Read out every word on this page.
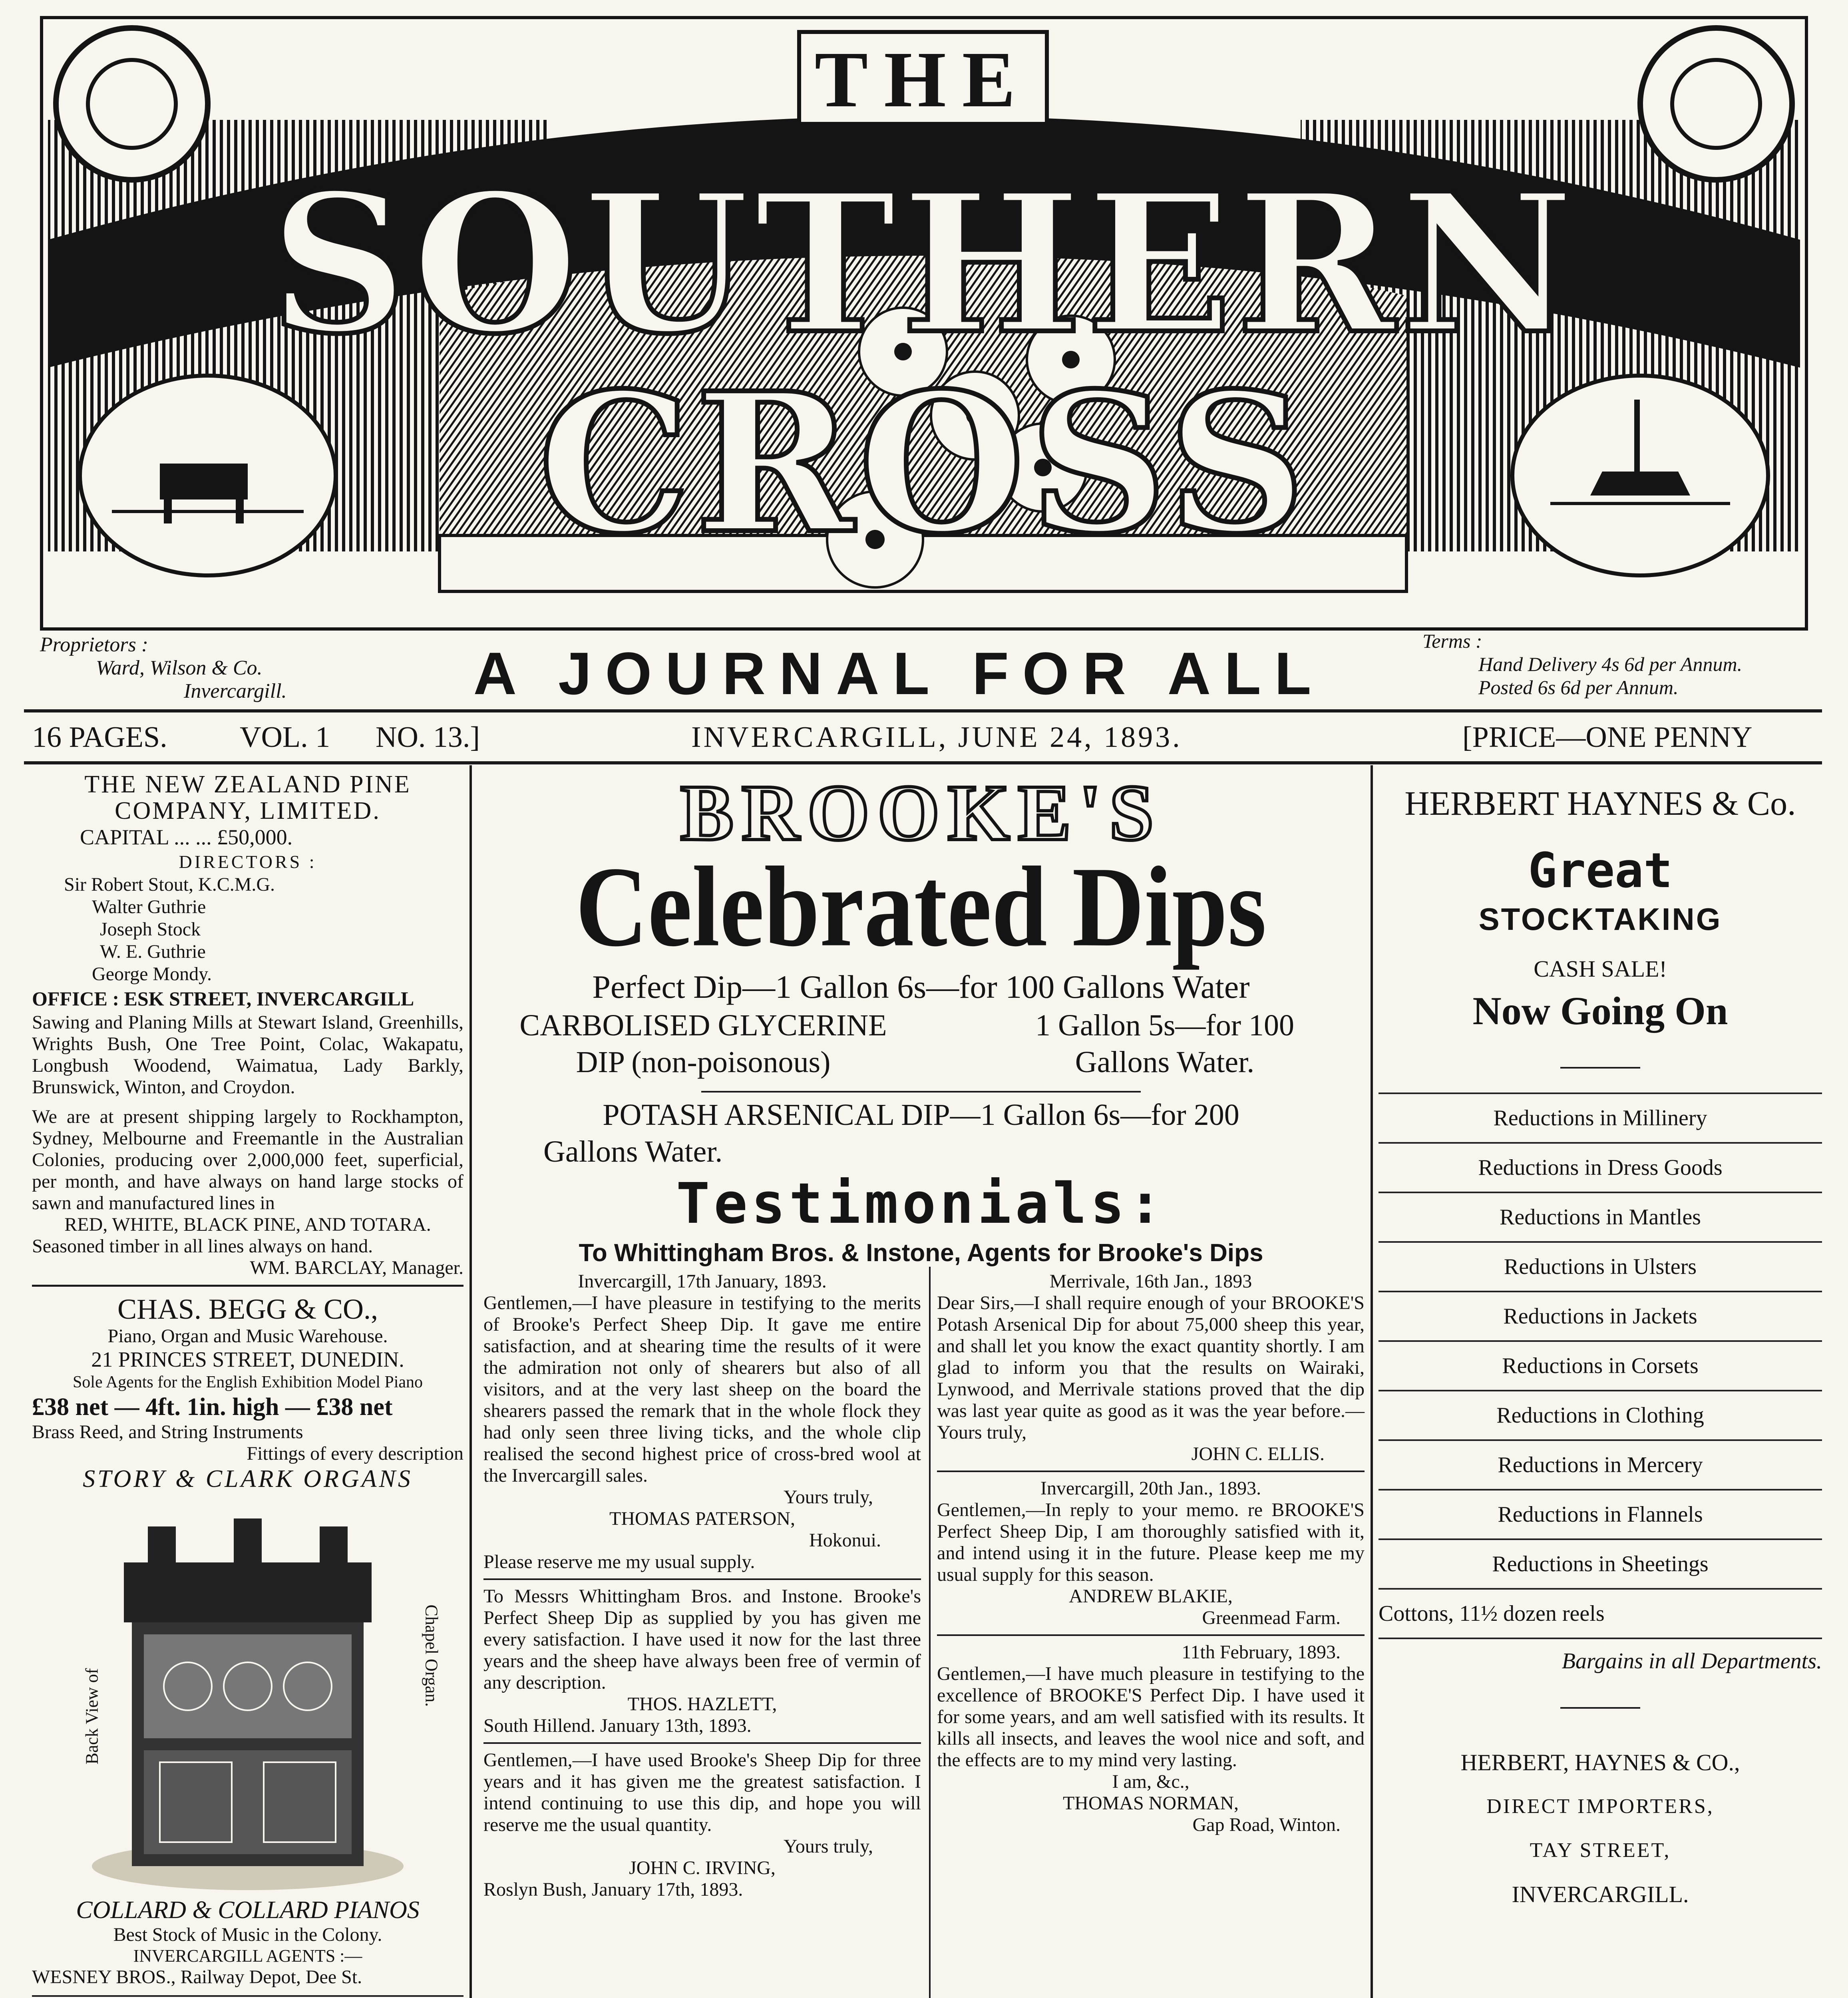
THE
SOUTHERN CROSS
Proprietors :
Ward, Wilson & Co.
Invercargill.	A JOURNAL FOR ALL	Terms :
Hand Delivery 4s 6d per Annum.
Posted 6s 6d per Annum.
16 PAGES. VOL. 1 NO. 13.]	INVERCARGILL, JUNE 24, 1893.	[PRICE—ONE PENNY
THE NEW ZEALAND PINE COMPANY, LIMITED.
CAPITAL ... ... £50,000.
DIRECTORS :
Sir Robert Stout, K.C.M.G.
Walter Guthrie
Joseph Stock
W. E. Guthrie
George Mondy.
OFFICE : ESK STREET, INVERCARGILL
Sawing and Planing Mills at Stewart Island, Greenhills, Wrights Bush, One Tree Point, Colac, Wakapatu, Longbush Woodend, Waimatua, Lady Barkly, Brunswick, Winton, and Croydon.
We are at present shipping largely to Rockhampton, Sydney, Melbourne and Freemantle in the Australian Colonies, producing over 2,000,000 feet, superficial, per month, and have always on hand large stocks of sawn and manufactured lines in
RED, WHITE, BLACK PINE, AND TOTARA.
Seasoned timber in all lines always on hand.
WM. BARCLAY, Manager.
CHAS. BEGG & CO.,
Piano, Organ and Music Warehouse.
21 PRINCES STREET, DUNEDIN.
Sole Agents for the English Exhibition Model Piano
£38 net — 4ft. 1in. high — £38 net
Brass Reed, and String Instruments
Fittings of every description
STORY & CLARK ORGANS
Back View of
Chapel Organ.
COLLARD & COLLARD PIANOS
Best Stock of Music in the Colony.
INVERCARGILL AGENTS :—
WESNEY BROS., Railway Depot, Dee St.
BROOKE'S
Celebrated Dips
Perfect Dip—1 Gallon 6s—for 100 Gallons Water
CARBOLISED GLYCERINE
DIP (non-poisonous)
1 Gallon 5s—for 100
Gallons Water.
POTASH ARSENICAL DIP—1 Gallon 6s—for 200
Gallons Water.
Testimonials:
To Whittingham Bros. & Instone, Agents for Brooke's Dips
Invercargill, 17th January, 1893.
Gentlemen,—I have pleasure in testifying to the merits of Brooke's Perfect Sheep Dip. It gave me entire satisfaction, and at shearing time the results of it were the admiration not only of shearers but also of all visitors, and at the very last sheep on the board the shearers passed the remark that in the whole flock they had only seen three living ticks, and the whole clip realised the second highest price of cross-bred wool at the Invercargill sales.
Yours truly,
THOMAS PATERSON,
Hokonui.
Please reserve me my usual supply.
To Messrs Whittingham Bros. and Instone. Brooke's Perfect Sheep Dip as supplied by you has given me every satisfaction. I have used it now for the last three years and the sheep have always been free of vermin of any description.
THOS. HAZLETT,
South Hillend. January 13th, 1893.
Gentlemen,—I have used Brooke's Sheep Dip for three years and it has given me the greatest satisfaction. I intend continuing to use this dip, and hope you will reserve me the usual quantity.
Yours truly,
JOHN C. IRVING,
Roslyn Bush, January 17th, 1893.
Merrivale, 16th Jan., 1893
Dear Sirs,—I shall require enough of your BROOKE'S Potash Arsenical Dip for about 75,000 sheep this year, and shall let you know the exact quantity shortly. I am glad to inform you that the results on Wairaki, Lynwood, and Merrivale stations proved that the dip was last year quite as good as it was the year before.—Yours truly,
JOHN C. ELLIS.
Invercargill, 20th Jan., 1893.
Gentlemen,—In reply to your memo. re BROOKE'S Perfect Sheep Dip, I am thoroughly satisfied with it, and intend using it in the future. Please keep me my usual supply for this season.
ANDREW BLAKIE,
Greenmead Farm.
11th February, 1893.
Gentlemen,—I have much pleasure in testifying to the excellence of BROOKE'S Perfect Dip. I have used it for some years, and am well satisfied with its results. It kills all insects, and leaves the wool nice and soft, and the effects are to my mind very lasting.
I am, &c.,
THOMAS NORMAN,
Gap Road, Winton.
HERBERT HAYNES & Co.
Great
STOCKTAKING
CASH SALE!
Now Going On
Reductions in Millinery
Reductions in Dress Goods
Reductions in Mantles
Reductions in Ulsters
Reductions in Jackets
Reductions in Corsets
Reductions in Clothing
Reductions in Mercery
Reductions in Flannels
Reductions in Sheetings
Cottons, 11½ dozen reels
Bargains in all Departments.
HERBERT, HAYNES & CO.,
DIRECT IMPORTERS,
TAY STREET,
INVERCARGILL.
